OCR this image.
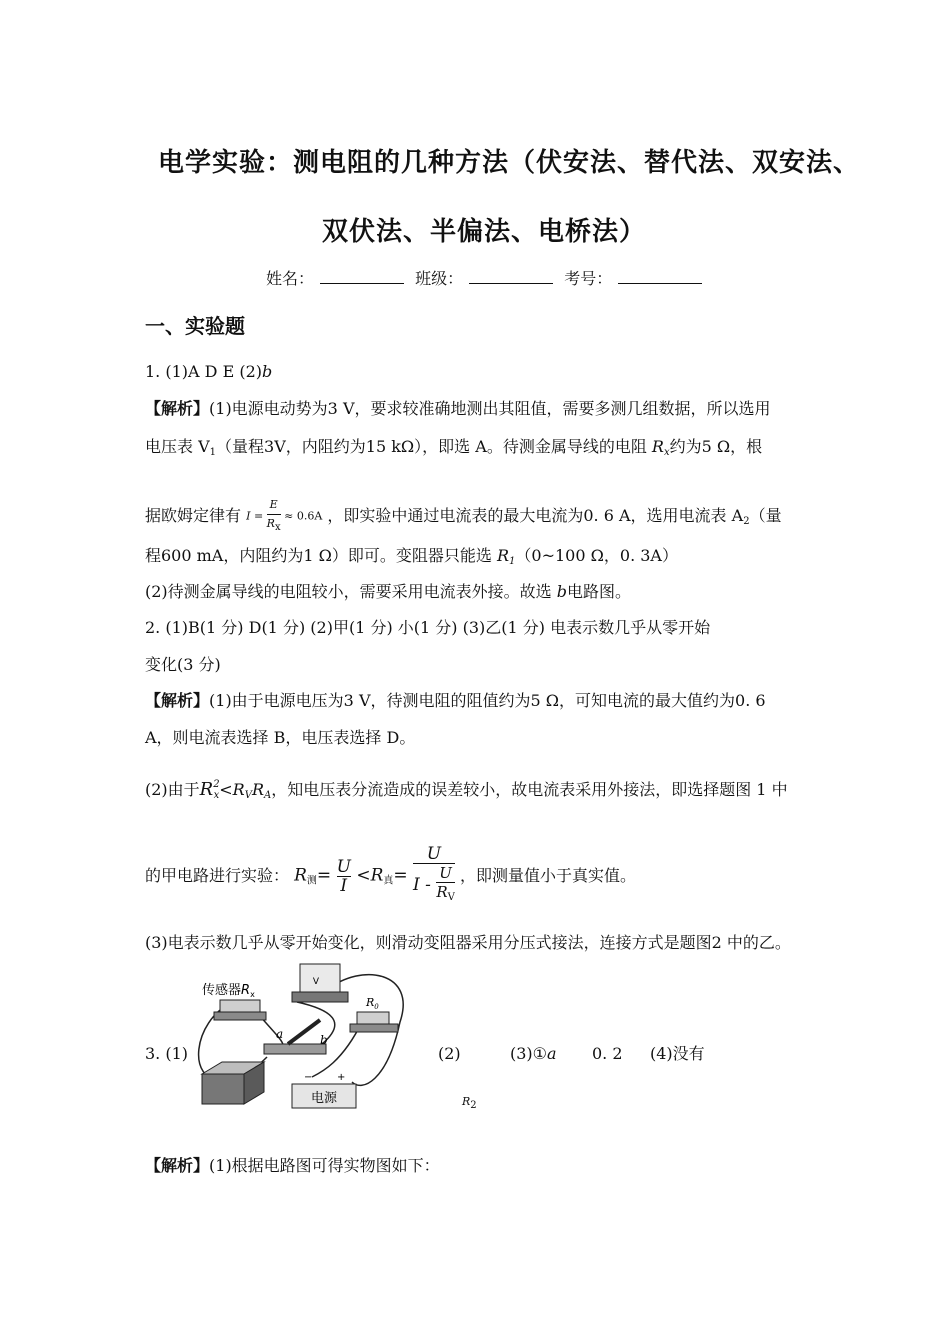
电学实验：测电阻的几种方法（伏安法、替代法、双安法、
双伏法、半偏法、电桥法）
姓名：	班级：	考号：
一、实验题
1. (1)A D E (2)b
【解析】(1)电源电动势为3 V，要求较准确地测出其阻值，需要多测几组数据，所以选用
电压表 $V_1$（量程3V，内阻约为15 kΩ），即选 A。待测金属导线的电阻 $R_x$约为5 Ω，根
据欧姆定律有 $I = \frac{E}{Rx} \approx 0.6A$ ，即实验中通过电流表的最大电流为0. 6 A，选用电流表 $A_2$（量
程600 mA，内阻约为1 Ω）即可。变阻器只能选 $R_1(0\sim 100$ Ω，0. 3A）
(2)待测金属导线的电阻较小，需要采用电流表外接。故选 b电路图。
2. (1)B(1 分) D(1 分) (2)甲(1 分) 小(1 分) (3)乙(1 分) 电表示数几乎从零开始
变化(3 分)
【解析】(1)由于电源电压为3 V，待测电阻的阻值约为5 Ω，可知电流的最大值约为0. 6
A，则电流表选择 B，电压表选择 D。
(2)由于$R^2_x<R_VR_A$，知电压表分流造成的误差较小，故电流表采用外接法，即选择题图 1 中
的甲电路进行实验： $R_测= \frac{U}{I} <R_真= \frac{U}{I - \frac{U}{R_V}}$ ，即测量值小于真实值。
(3)电表示数几乎从零开始变化，则滑动变阻器采用分压式接法，连接方式是题图2 中的乙。
3. (1)
传感器$R_x$
V
$R_0$
a	b
电源
− +
(2)	(3)①a 0. 2 (4)没有
R2
【解析】(1)根据电路图可得实物图如下：
